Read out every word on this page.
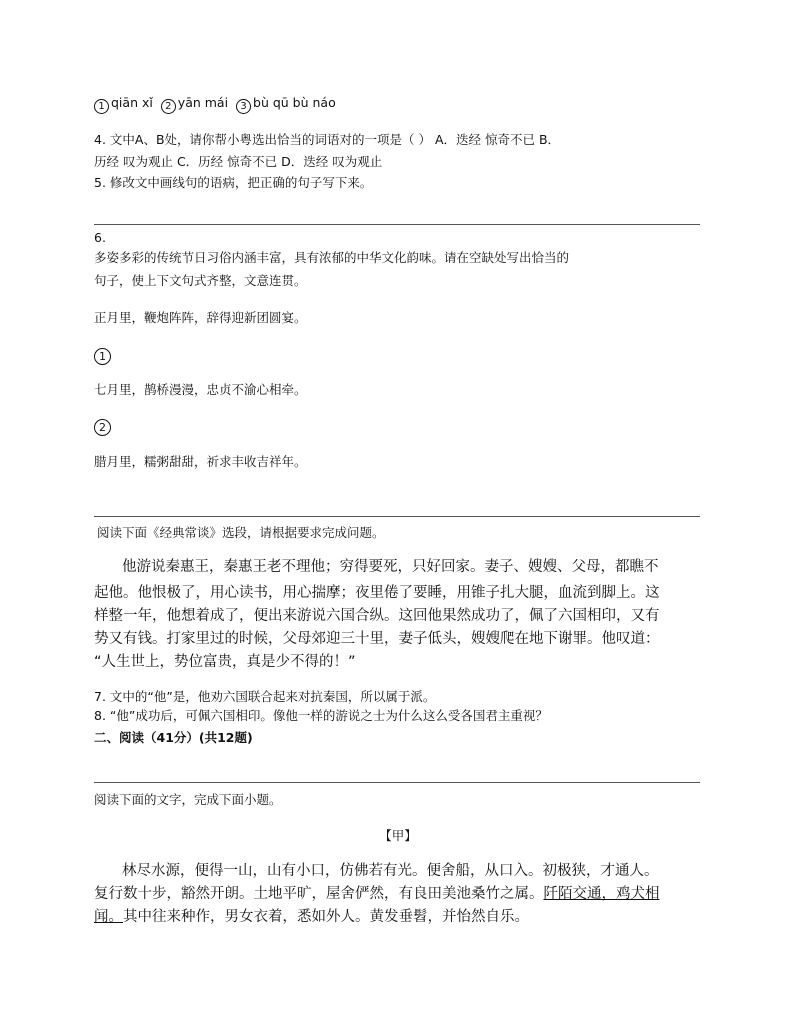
1 qiān xǐ 2 yān mái 3 bù qū bù náo
4. 文中A、B处，请你帮小粤选出恰当的词语对的一项是（ ） A．迭经 惊奇不已 B．
历经 叹为观止 C．历经 惊奇不已 D．迭经 叹为观止
5. 修改文中画线句的语病，把正确的句子写下来。
6.
多姿多彩的传统节日习俗内涵丰富，具有浓郁的中华文化韵味。请在空缺处写出恰当的
句子，使上下文句式齐整，文意连贯。
正月里，鞭炮阵阵，辞得迎新团圆宴。
1
七月里，鹊桥漫漫，忠贞不渝心相牵。
2
腊月里，糯粥甜甜，祈求丰收吉祥年。
阅读下面《经典常谈》选段，请根据要求完成问题。
他游说秦惠王，秦惠王老不理他；穷得要死，只好回家。妻子、嫂嫂、父母，都瞧不
起他。他恨极了，用心读书，用心揣摩；夜里倦了要睡，用锥子扎大腿，血流到脚上。这
样整一年，他想着成了，便出来游说六国合纵。这回他果然成功了，佩了六国相印，又有
势又有钱。打家里过的时候，父母郊迎三十里，妻子低头，嫂嫂爬在地下谢罪。他叹道：
“人生世上，势位富贵，真是少不得的！”
7. 文中的“他”是，他劝六国联合起来对抗秦国，所以属于派。
8. “他”成功后，可佩六国相印。像他一样的游说之士为什么这么受各国君主重视？
二、阅读（41分）(共12题)
阅读下面的文字，完成下面小题。
【甲】
林尽水源，便得一山，山有小口，仿佛若有光。便舍船，从口入。初极狭，才通人。
复行数十步，豁然开朗。土地平旷，屋舍俨然，有良田美池桑竹之属。阡陌交通，鸡犬相
闻。其中往来种作，男女衣着，悉如外人。黄发垂髫，并怡然自乐。
